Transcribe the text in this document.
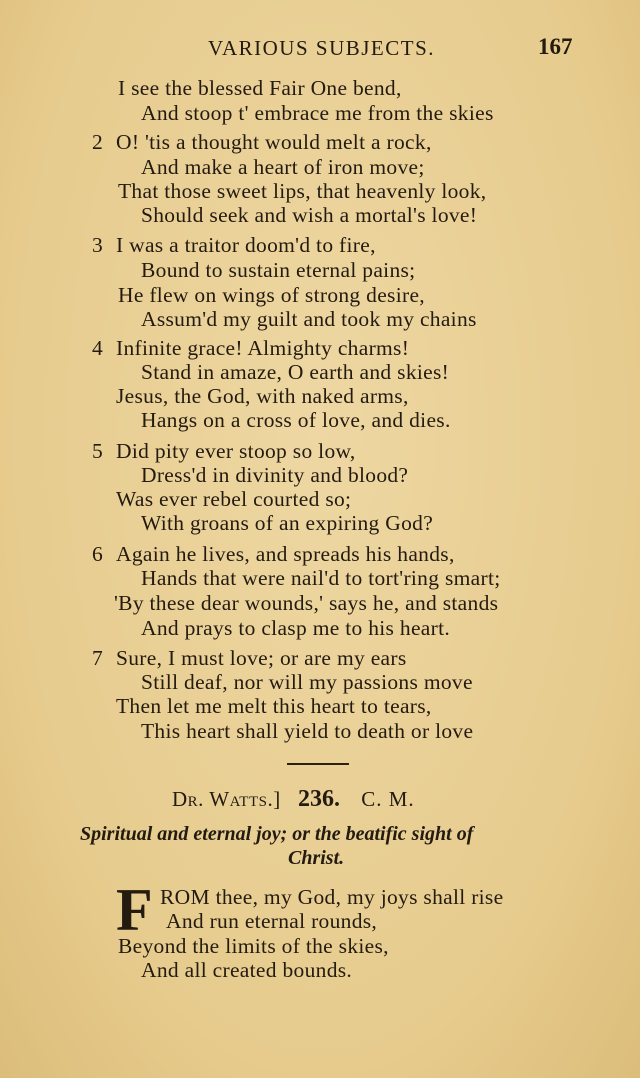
VARIOUS SUBJECTS.	167
I see the blessed Fair One bend,
And stoop t' embrace me from the skies
2 O! 'tis a thought would melt a rock,
And make a heart of iron move;
That those sweet lips, that heavenly look,
Should seek and wish a mortal's love!
3 I was a traitor doom'd to fire,
Bound to sustain eternal pains;
He flew on wings of strong desire,
Assum'd my guilt and took my chains
4 Infinite grace! Almighty charms!
Stand in amaze, O earth and skies!
Jesus, the God, with naked arms,
Hangs on a cross of love, and dies.
5 Did pity ever stoop so low,
Dress'd in divinity and blood?
Was ever rebel courted so;
With groans of an expiring God?
6 Again he lives, and spreads his hands,
Hands that were nail'd to tort'ring smart;
'By these dear wounds,' says he, and stands
And prays to clasp me to his heart.
7 Sure, I must love; or are my ears
Still deaf, nor will my passions move
Then let me melt this heart to tears,
This heart shall yield to death or love
Dr. Watts.] 236. C. M.
Spiritual and eternal joy; or the beatific sight of
Christ.
F ROM thee, my God, my joys shall rise
And run eternal rounds,
Beyond the limits of the skies,
And all created bounds.
